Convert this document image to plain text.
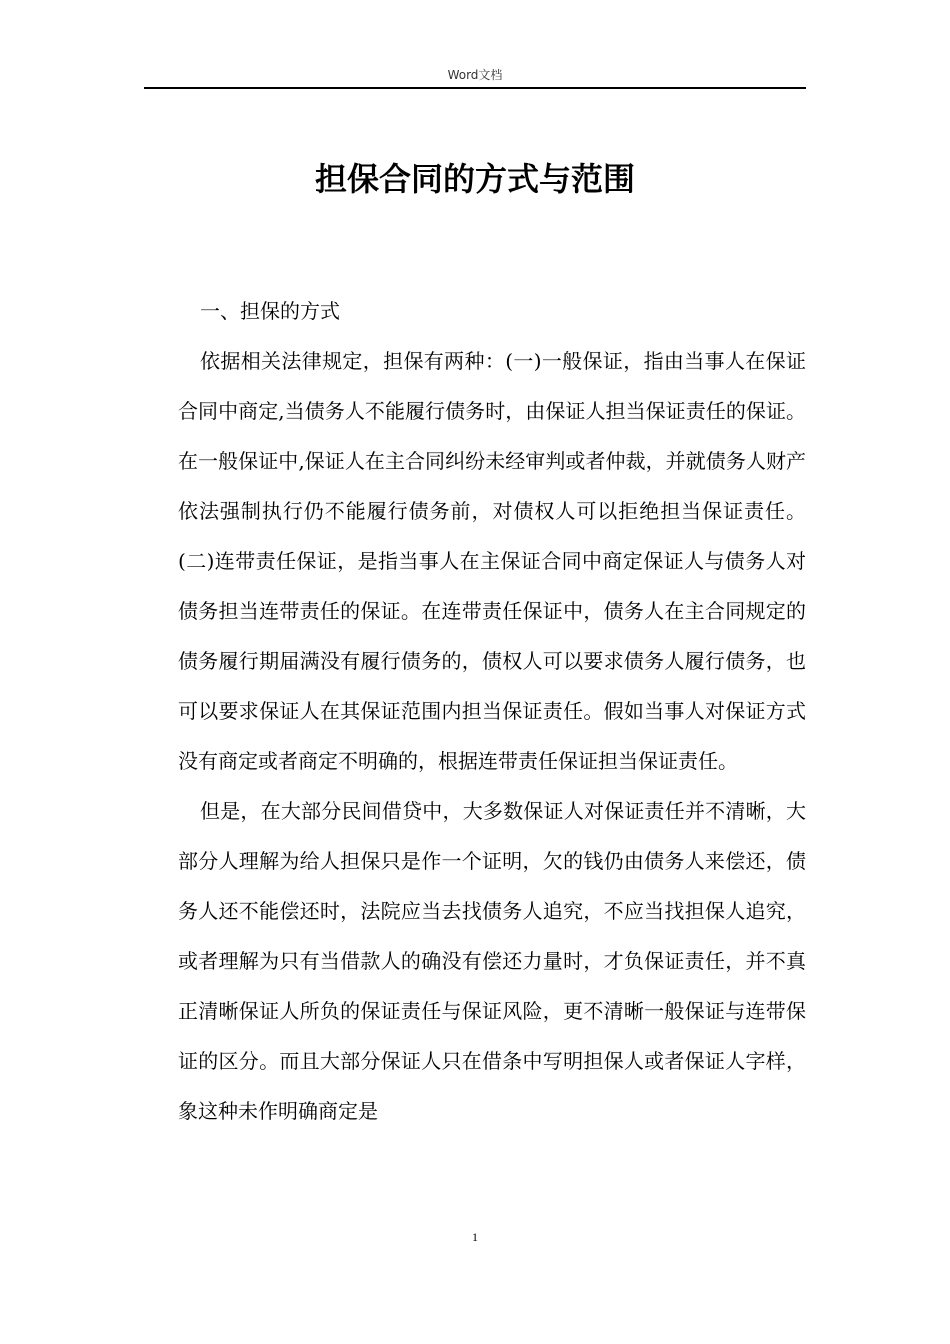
Word文档
担保合同的方式与范围

一、担保的方式

依据相关法律规定，担保有两种：(一)一般保证，指由当事人在保证合同中商定,当债务人不能履行债务时，由保证人担当保证责任的保证。在一般保证中,保证人在主合同纠纷未经审判或者仲裁，并就债务人财产依法强制执行仍不能履行债务前，对债权人可以拒绝担当保证责任。(二)连带责任保证，是指当事人在主保证合同中商定保证人与债务人对债务担当连带责任的保证。在连带责任保证中，债务人在主合同规定的债务履行期届满没有履行债务的，债权人可以要求债务人履行债务，也可以要求保证人在其保证范围内担当保证责任。假如当事人对保证方式没有商定或者商定不明确的，根据连带责任保证担当保证责任。

但是，在大部分民间借贷中，大多数保证人对保证责任并不清晰，大部分人理解为给人担保只是作一个证明，欠的钱仍由债务人来偿还，债务人还不能偿还时，法院应当去找债务人追究，不应当找担保人追究，或者理解为只有当借款人的确没有偿还力量时，才负保证责任，并不真正清晰保证人所负的保证责任与保证风险，更不清晰一般保证与连带保证的区分。而且大部分保证人只在借条中写明担保人或者保证人字样，象这种未作明确商定是

1
